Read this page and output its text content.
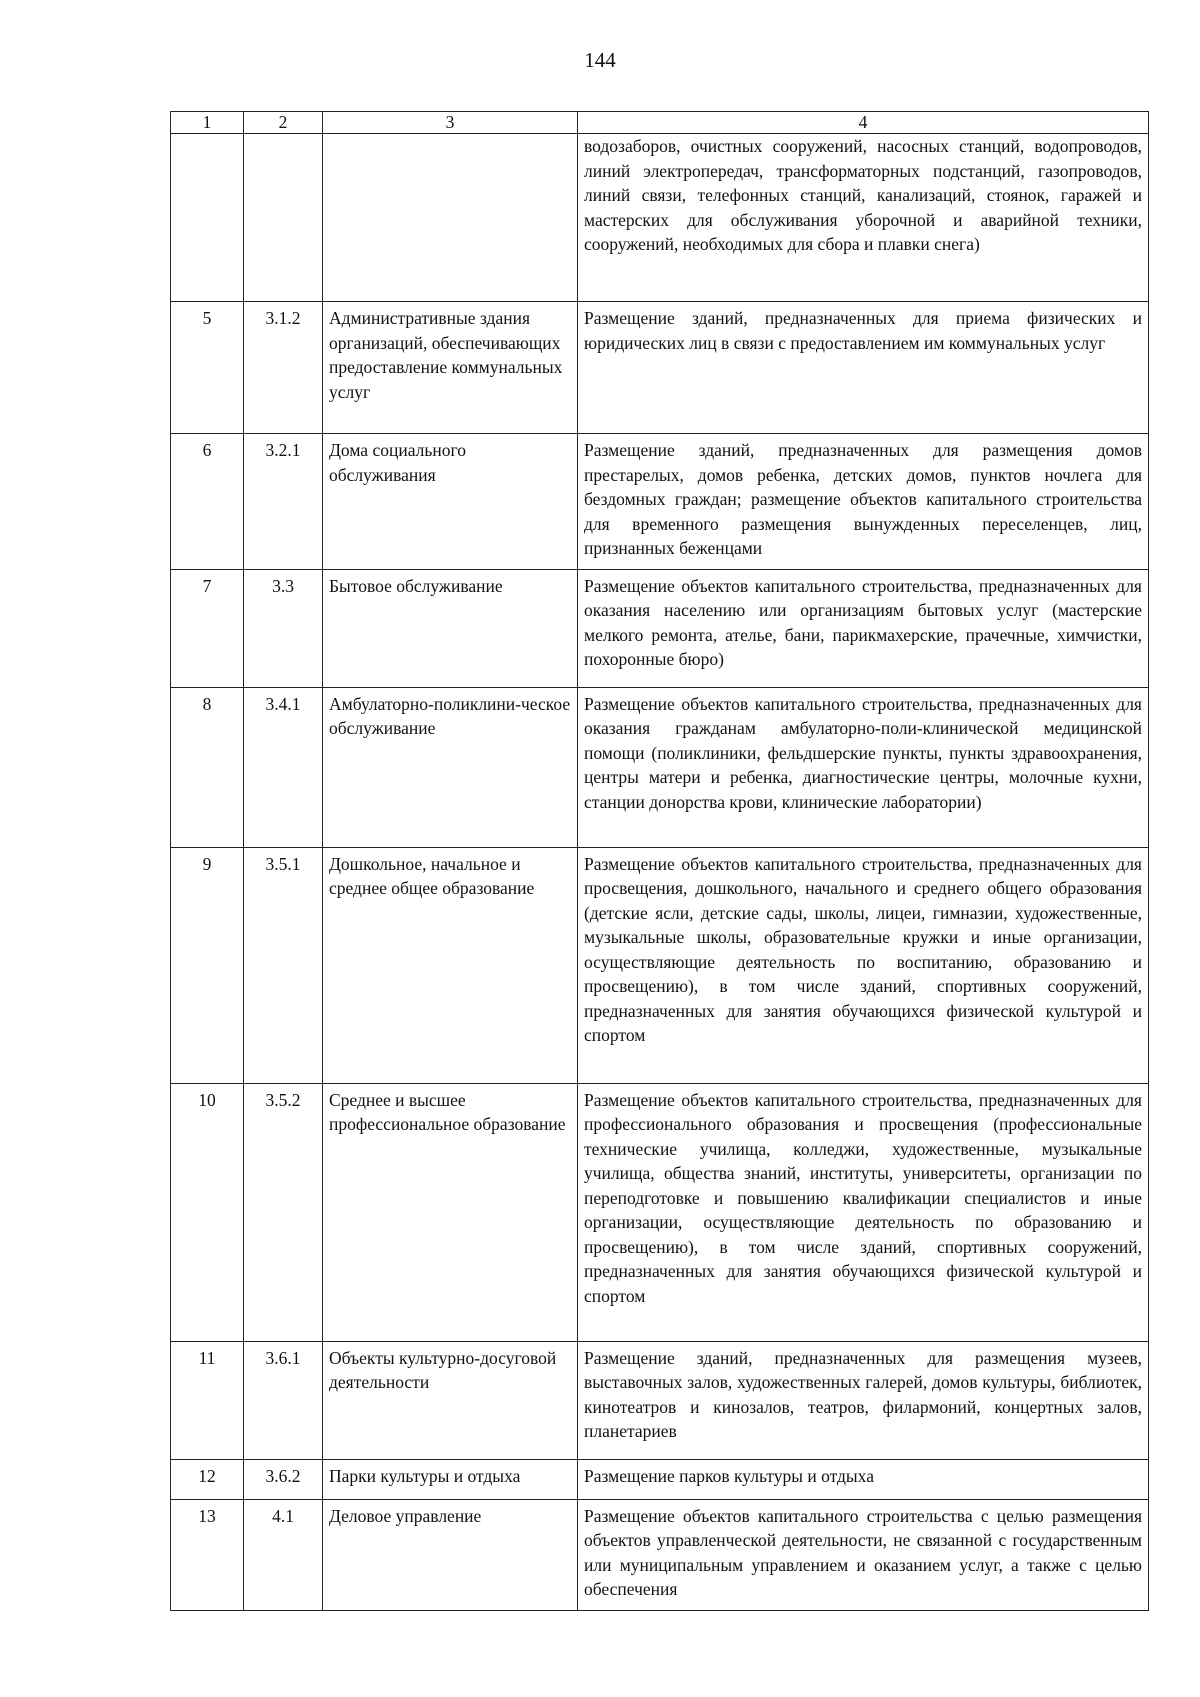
144
1	2	3	4
			водозаборов, очистных сооружений, насосных станций, водопроводов, линий электропередач, трансформаторных подстанций, газопроводов, линий связи, телефонных станций, канализаций, стоянок, гаражей и мастерских для обслуживания уборочной и аварийной техники, сооружений, необходимых для сбора и плавки снега)
5	3.1.2	Административные здания организаций, обеспечивающих предоставление коммунальных услуг	Размещение зданий, предназначенных для приема физических и юридических лиц в связи с предоставлением им коммунальных услуг
6	3.2.1	Дома социального обслуживания	Размещение зданий, предназначенных для размещения домов престарелых, домов ребенка, детских домов, пунктов ночлега для бездомных граждан; размещение объектов капитального строительства для временного размещения вынужденных переселенцев, лиц, признанных беженцами
7	3.3	Бытовое обслуживание	Размещение объектов капитального строительства, предназначенных для оказания населению или организациям бытовых услуг (мастерские мелкого ремонта, ателье, бани, парикмахерские, прачечные, химчистки, похоронные бюро)
8	3.4.1	Амбулаторно-поликлини-ческое обслуживание	Размещение объектов капитального строительства, предназначенных для оказания гражданам амбулаторно-поли-клинической медицинской помощи (поликлиники, фельдшерские пункты, пункты здравоохранения, центры матери и ребенка, диагностические центры, молочные кухни, станции донорства крови, клинические лаборатории)
9	3.5.1	Дошкольное, начальное и среднее общее образование	Размещение объектов капитального строительства, предназначенных для просвещения, дошкольного, начального и среднего общего образования (детские ясли, детские сады, школы, лицеи, гимназии, художественные, музыкальные школы, образовательные кружки и иные организации, осуществляющие деятельность по воспитанию, образованию и просвещению), в том числе зданий, спортивных сооружений, предназначенных для занятия обучающихся физической культурой и спортом
10	3.5.2	Среднее и высшее профессиональное образование	Размещение объектов капитального строительства, предназначенных для профессионального образования и просвещения (профессиональные технические училища, колледжи, художественные, музыкальные училища, общества знаний, институты, университеты, организации по переподготовке и повышению квалификации специалистов и иные организации, осуществляющие деятельность по образованию и просвещению), в том числе зданий, спортивных сооружений, предназначенных для занятия обучающихся физической культурой и спортом
11	3.6.1	Объекты культурно-досуговой деятельности	Размещение зданий, предназначенных для размещения музеев, выставочных залов, художественных галерей, домов культуры, библиотек, кинотеатров и кинозалов, театров, филармоний, концертных залов, планетариев
12	3.6.2	Парки культуры и отдыха	Размещение парков культуры и отдыха
13	4.1	Деловое управление	Размещение объектов капитального строительства с целью размещения объектов управленческой деятельности, не связанной с государственным или муниципальным управлением и оказанием услуг, а также с целью обеспечения
